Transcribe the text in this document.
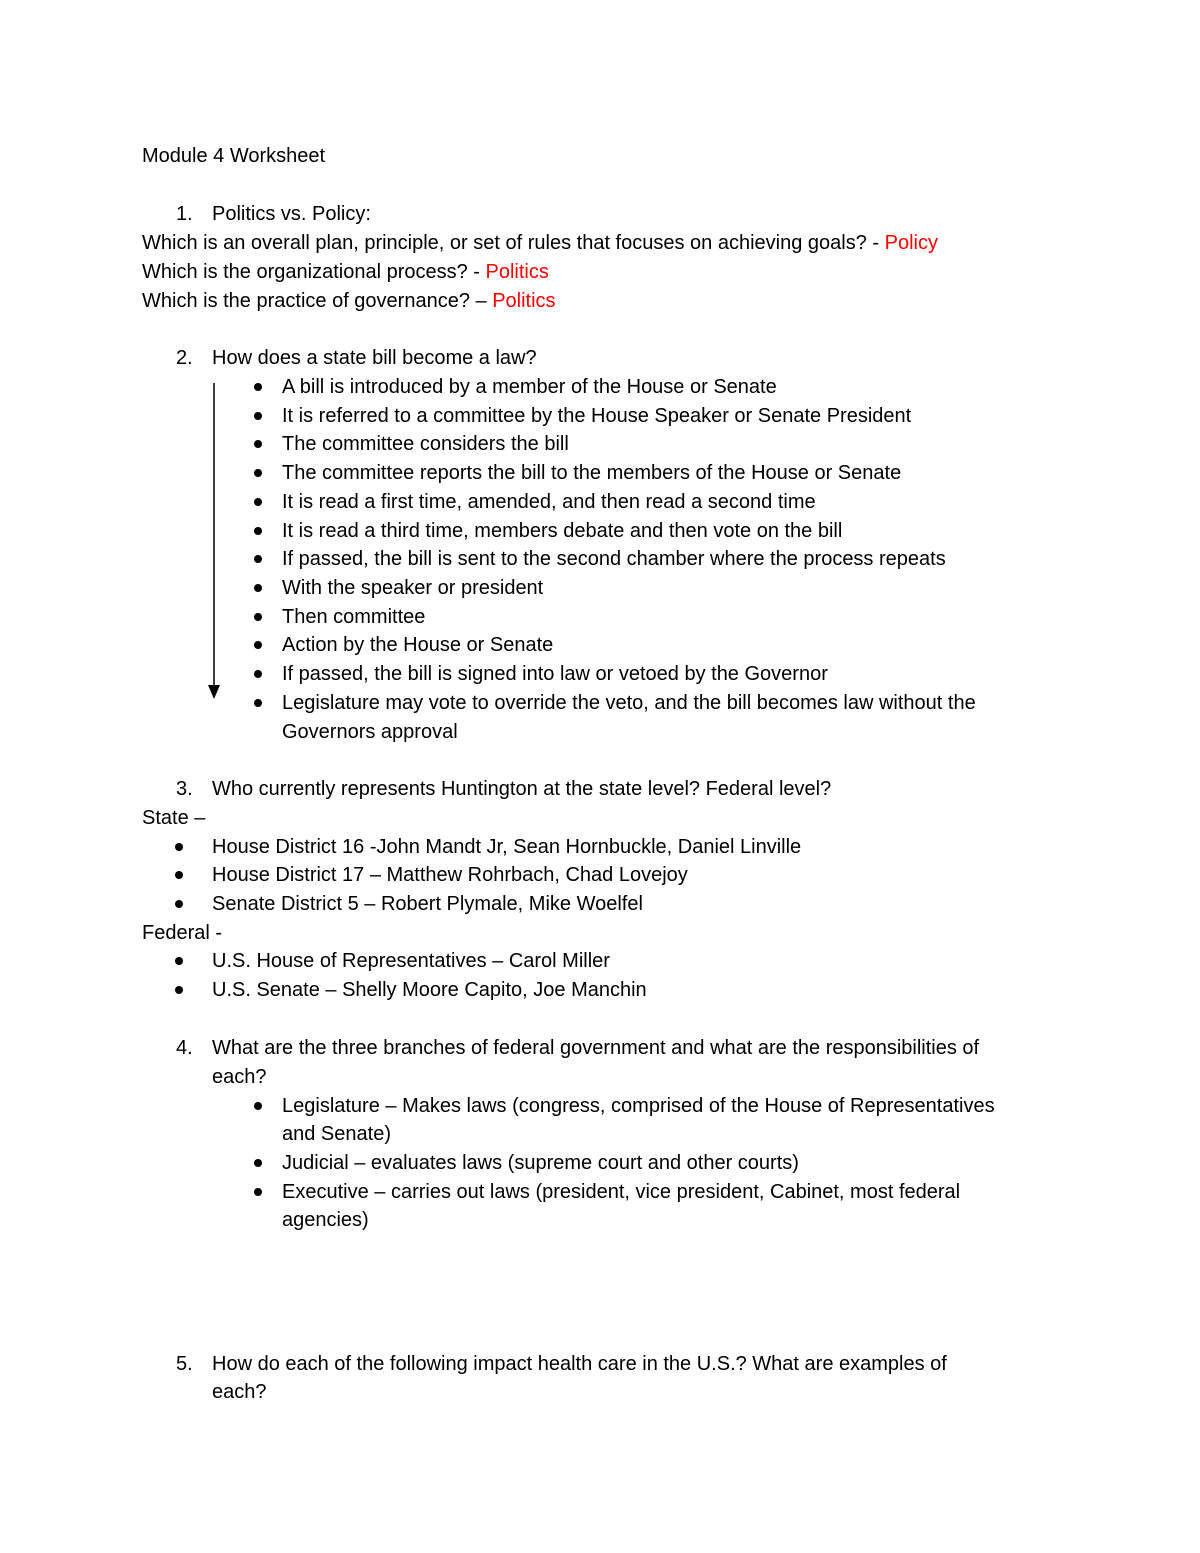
Module 4 Worksheet
1. Politics vs. Policy:
Which is an overall plan, principle, or set of rules that focuses on achieving goals? - Policy
Which is the organizational process? - Politics
Which is the practice of governance? – Politics
2. How does a state bill become a law?
A bill is introduced by a member of the House or Senate
It is referred to a committee by the House Speaker or Senate President
The committee considers the bill
The committee reports the bill to the members of the House or Senate
It is read a first time, amended, and then read a second time
It is read a third time, members debate and then vote on the bill
If passed, the bill is sent to the second chamber where the process repeats
With the speaker or president
Then committee
Action by the House or Senate
If passed, the bill is signed into law or vetoed by the Governor
Legislature may vote to override the veto, and the bill becomes law without the
Governors approval
3. Who currently represents Huntington at the state level? Federal level?
State –
House District 16 -John Mandt Jr, Sean Hornbuckle, Daniel Linville
House District 17 – Matthew Rohrbach, Chad Lovejoy
Senate District 5 – Robert Plymale, Mike Woelfel
Federal -
U.S. House of Representatives – Carol Miller
U.S. Senate – Shelly Moore Capito, Joe Manchin
4. What are the three branches of federal government and what are the responsibilities of
each?
Legislature – Makes laws (congress, comprised of the House of Representatives
and Senate)
Judicial – evaluates laws (supreme court and other courts)
Executive – carries out laws (president, vice president, Cabinet, most federal
agencies)
5. How do each of the following impact health care in the U.S.? What are examples of
each?
